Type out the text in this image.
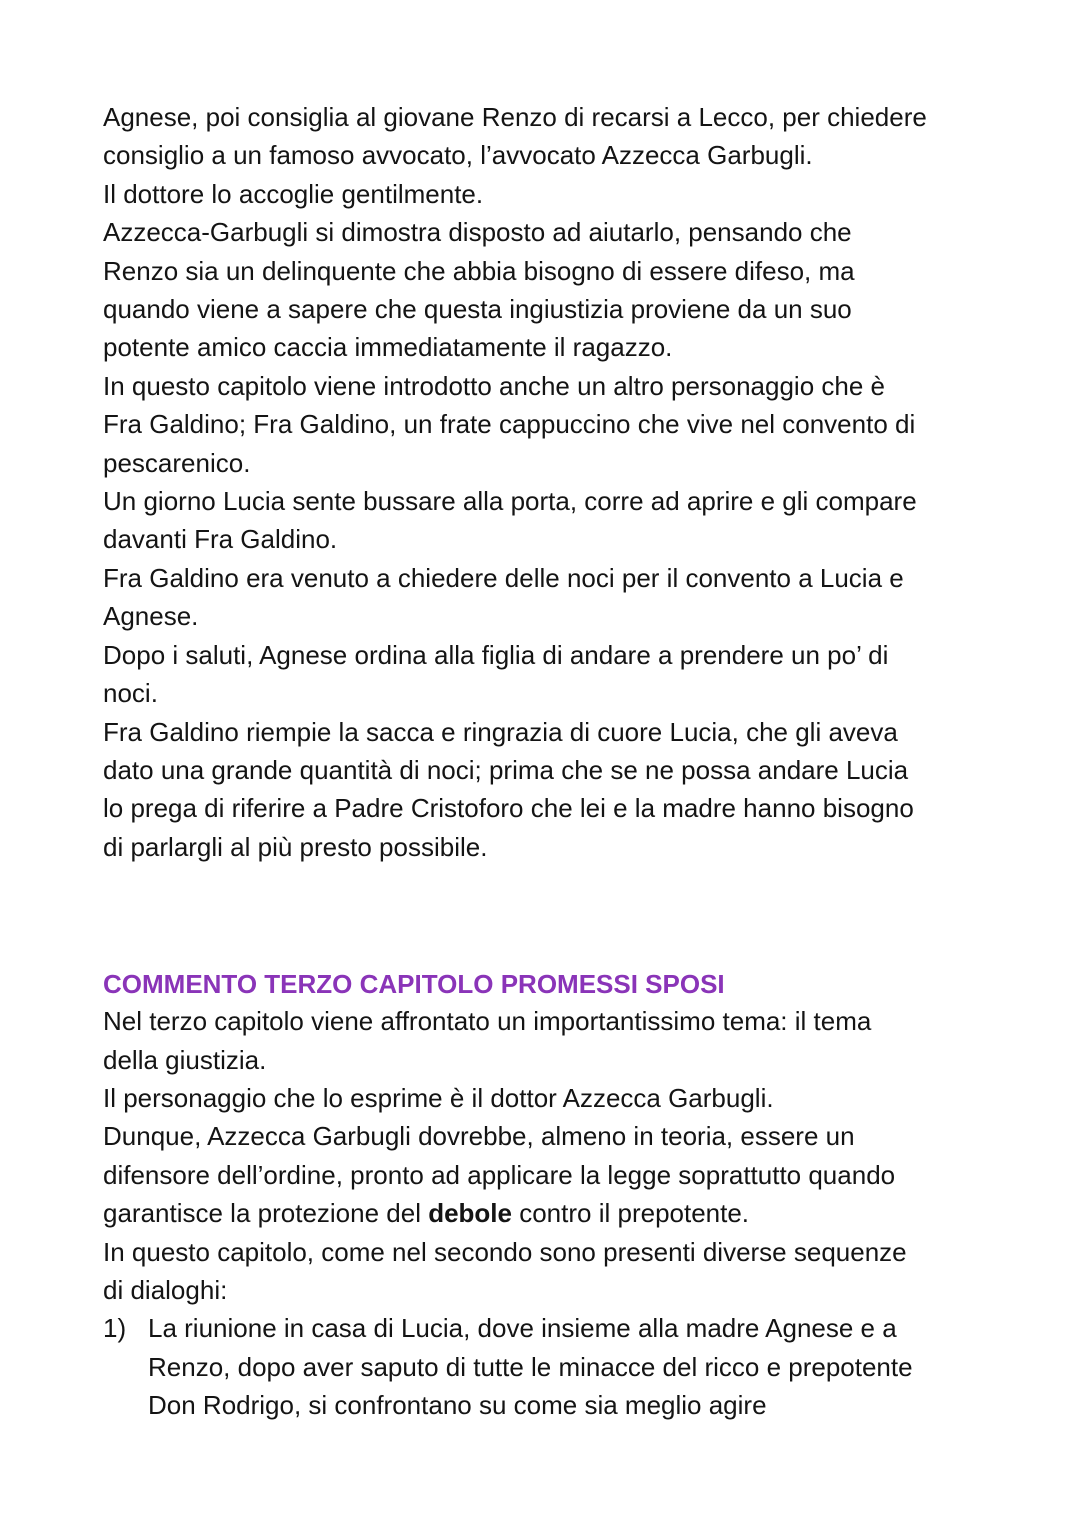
Agnese, poi consiglia al giovane Renzo di recarsi a Lecco, per chiedere

consiglio a un famoso avvocato, l’avvocato Azzecca Garbugli.

Il dottore lo accoglie gentilmente.

Azzecca-Garbugli si dimostra disposto ad aiutarlo, pensando che

Renzo sia un delinquente che abbia bisogno di essere difeso, ma

quando viene a sapere che questa ingiustizia proviene da un suo

potente amico caccia immediatamente il ragazzo.

In questo capitolo viene introdotto anche un altro personaggio che è

Fra Galdino; Fra Galdino, un frate cappuccino che vive nel convento di

pescarenico.

Un giorno Lucia sente bussare alla porta, corre ad aprire e gli compare

davanti Fra Galdino.

Fra Galdino era venuto a chiedere delle noci per il convento a Lucia e

Agnese.

Dopo i saluti, Agnese ordina alla figlia di andare a prendere un po’ di

noci.

Fra Galdino riempie la sacca e ringrazia di cuore Lucia, che gli aveva

dato una grande quantità di noci; prima che se ne possa andare Lucia

lo prega di riferire a Padre Cristoforo che lei e la madre hanno bisogno

di parlargli al più presto possibile.

COMMENTO TERZO CAPITOLO PROMESSI SPOSI

Nel terzo capitolo viene affrontato un importantissimo tema: il tema

della giustizia.

Il personaggio che lo esprime è il dottor Azzecca Garbugli.

Dunque, Azzecca Garbugli dovrebbe, almeno in teoria, essere un

difensore dell’ordine, pronto ad applicare la legge soprattutto quando

garantisce la protezione del debole contro il prepotente.

In questo capitolo, come nel secondo sono presenti diverse sequenze

di dialoghi:

1) La riunione in casa di Lucia, dove insieme alla madre Agnese e a

Renzo, dopo aver saputo di tutte le minacce del ricco e prepotente

Don Rodrigo, si confrontano su come sia meglio agire
